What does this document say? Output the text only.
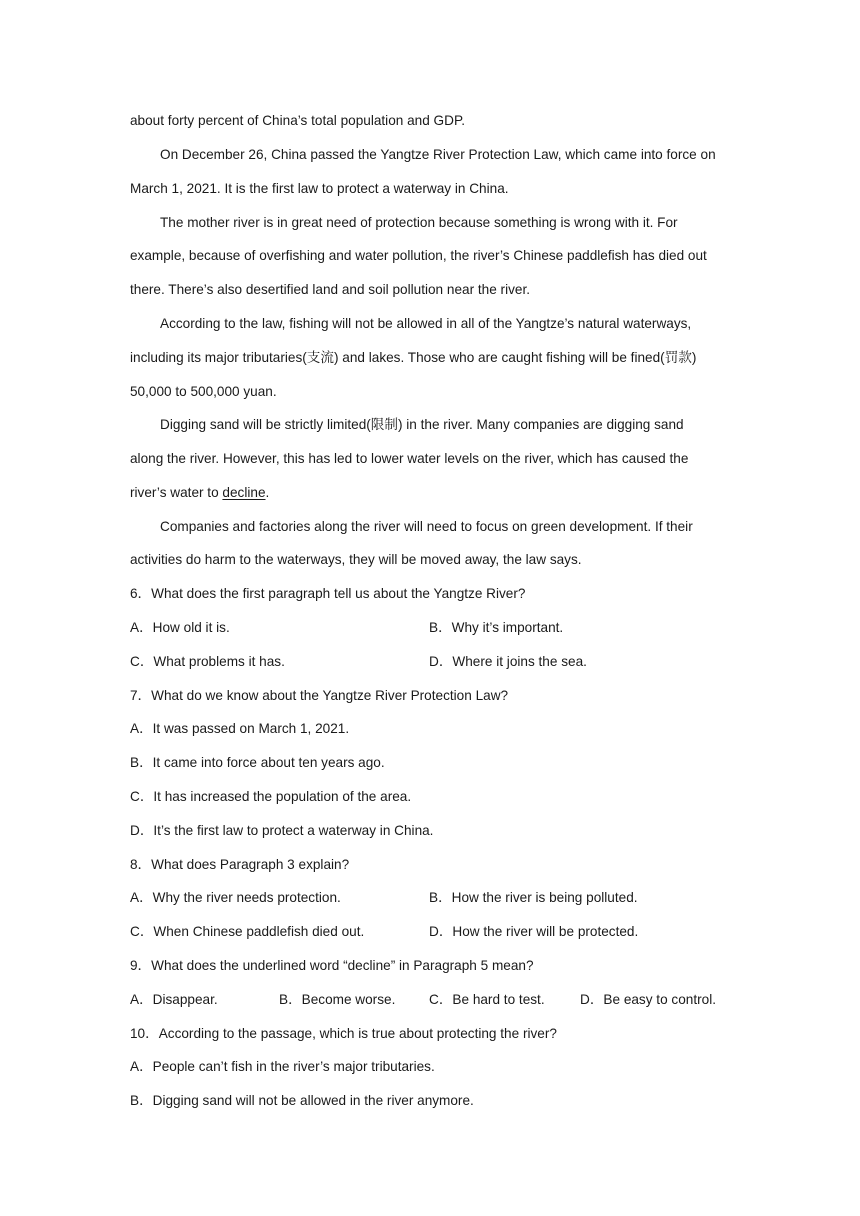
about forty percent of China’s total population and GDP.
On December 26, China passed the Yangtze River Protection Law, which came into force on
March 1, 2021. It is the first law to protect a waterway in China.
The mother river is in great need of protection because something is wrong with it. For
example, because of overfishing and water pollution, the river’s Chinese paddlefish has died out
there. There’s also desertified land and soil pollution near the river.
According to the law, fishing will not be allowed in all of the Yangtze’s natural waterways,
including its major tributaries(支流) and lakes. Those who are caught fishing will be fined(罚款)
50,000 to 500,000 yuan.
Digging sand will be strictly limited(限制) in the river. Many companies are digging sand
along the river. However, this has led to lower water levels on the river, which has caused the
river’s water to decline.
Companies and factories along the river will need to focus on green development. If their
activities do harm to the waterways, they will be moved away, the law says.
6．What does the first paragraph tell us about the Yangtze River?
A．How old it is.	B．Why it’s important.
C．What problems it has.	D．Where it joins the sea.
7．What do we know about the Yangtze River Protection Law?
A．It was passed on March 1, 2021.
B．It came into force about ten years ago.
C．It has increased the population of the area.
D．It’s the first law to protect a waterway in China.
8．What does Paragraph 3 explain?
A．Why the river needs protection.	B．How the river is being polluted.
C．When Chinese paddlefish died out.	D．How the river will be protected.
9．What does the underlined word “decline” in Paragraph 5 mean?
A．Disappear.	B．Become worse. C．Be hard to test.	D．Be easy to control.
10．According to the passage, which is true about protecting the river?
A．People can’t fish in the river’s major tributaries.
B．Digging sand will not be allowed in the river anymore.
